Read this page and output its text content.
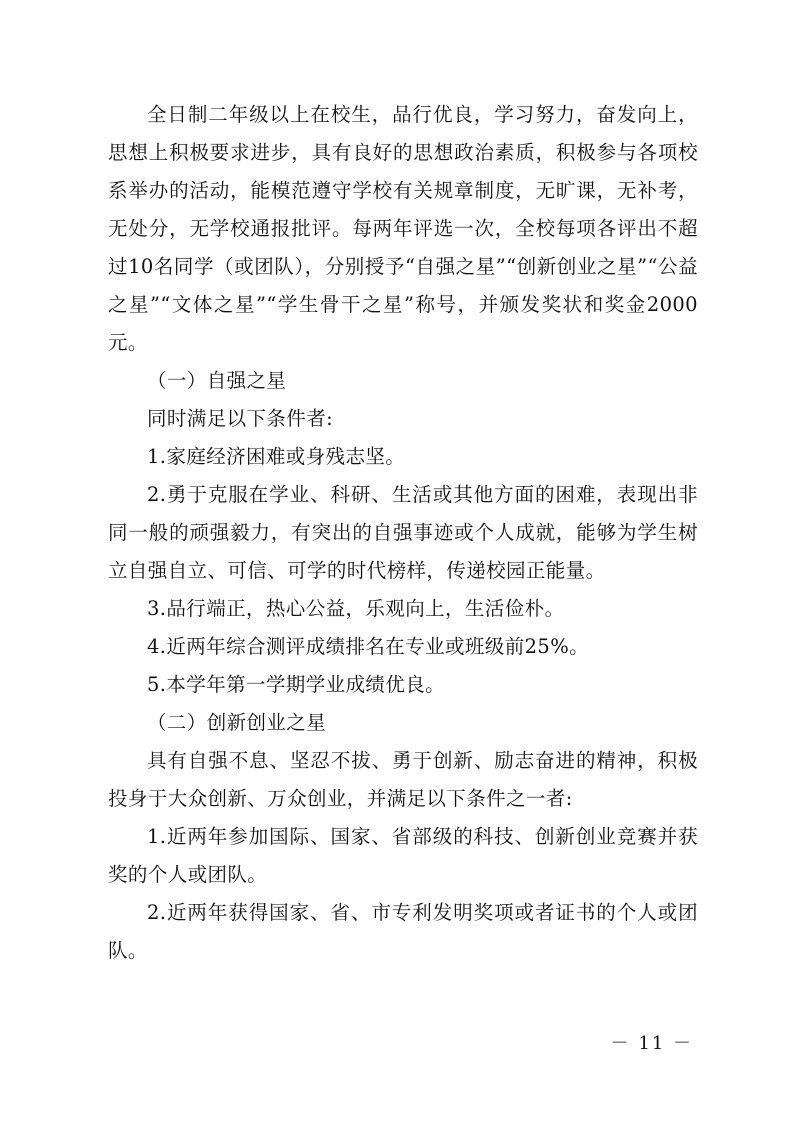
全日制二年级以上在校生，品行优良，学习努力，奋发向上，思想上积极要求进步，具有良好的思想政治素质，积极参与各项校系举办的活动，能模范遵守学校有关规章制度，无旷课，无补考，无处分，无学校通报批评。每两年评选一次，全校每项各评出不超过10名同学（或团队），分别授予“自强之星”“创新创业之星”“公益之星”“文体之星”“学生骨干之星”称号，并颁发奖状和奖金2000元。

（一）自强之星

同时满足以下条件者:

1.家庭经济困难或身残志坚。

2.勇于克服在学业、科研、生活或其他方面的困难，表现出非同一般的顽强毅力，有突出的自强事迹或个人成就，能够为学生树立自强自立、可信、可学的时代榜样，传递校园正能量。

3.品行端正，热心公益，乐观向上，生活俭朴。

4.近两年综合测评成绩排名在专业或班级前25%。

5.本学年第一学期学业成绩优良。

（二）创新创业之星

具有自强不息、坚忍不拔、勇于创新、励志奋进的精神，积极投身于大众创新、万众创业，并满足以下条件之一者:

1.近两年参加国际、国家、省部级的科技、创新创业竞赛并获奖的个人或团队。

2.近两年获得国家、省、市专利发明奖项或者证书的个人或团队。

－ 11 －
